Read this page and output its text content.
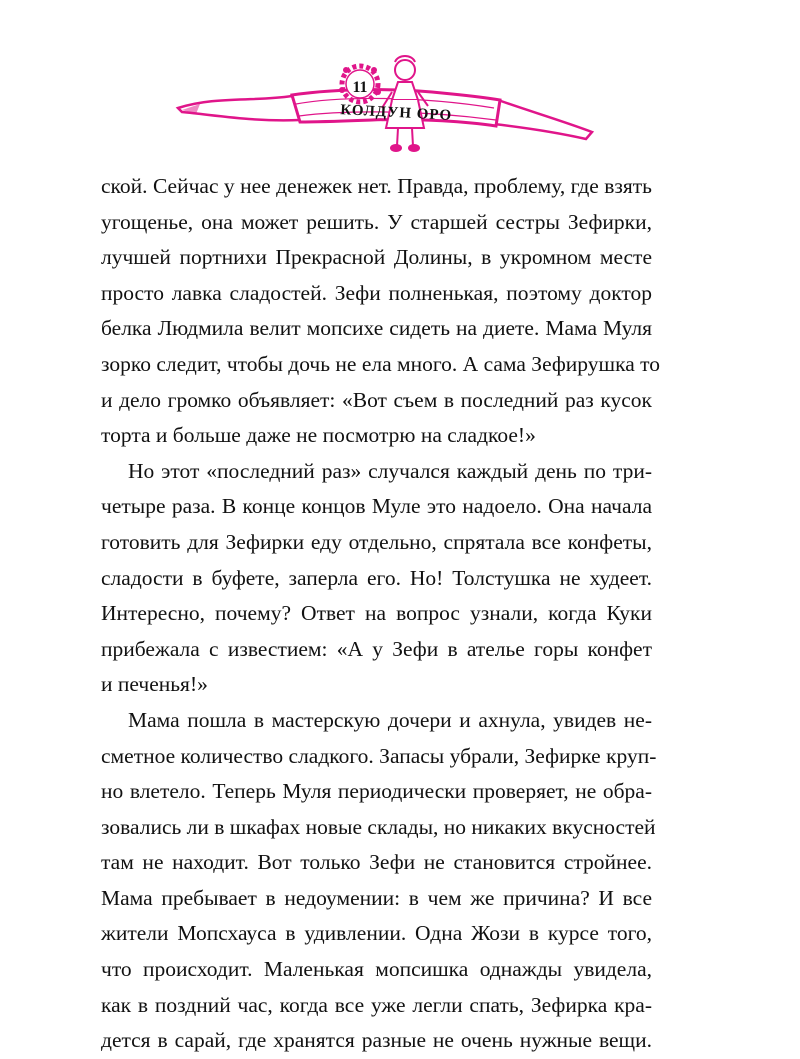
11
КОЛДУН ОРО

ской. Сейчас у нее денежек нет. Правда, проблему, где взять
угощенье, она может решить. У старшей сестры Зефирки,
лучшей портнихи Прекрасной Долины, в укромном месте
просто лавка сладостей. Зефи полненькая, поэтому доктор
белка Людмила велит мопсихе сидеть на диете. Мама Муля
зорко следит, чтобы дочь не ела много. А сама Зефирушка то
и дело громко объявляет: «Вот съем в последний раз кусок
торта и больше даже не посмотрю на сладкое!»

Но этот «последний раз» случался каждый день по три-
четыре раза. В конце концов Муле это надоело. Она начала
готовить для Зефирки еду отдельно, спрятала все конфеты,
сладости в буфете, заперла его. Но! Толстушка не худеет.
Интересно, почему? Ответ на вопрос узнали, когда Куки
прибежала с известием: «А у Зефи в ателье горы конфет
и печенья!»

Мама пошла в мастерскую дочери и ахнула, увидев не-
сметное количество сладкого. Запасы убрали, Зефирке круп-
но влетело. Теперь Муля периодически проверяет, не обра-
зовались ли в шкафах новые склады, но никаких вкусностей
там не находит. Вот только Зефи не становится стройнее.
Мама пребывает в недоумении: в чем же причина? И все
жители Мопсхауса в удивлении. Одна Жози в курсе того,
что происходит. Маленькая мопсишка однажды увидела,
как в поздний час, когда все уже легли спать, Зефирка кра-
дется в сарай, где хранятся разные не очень нужные вещи.
